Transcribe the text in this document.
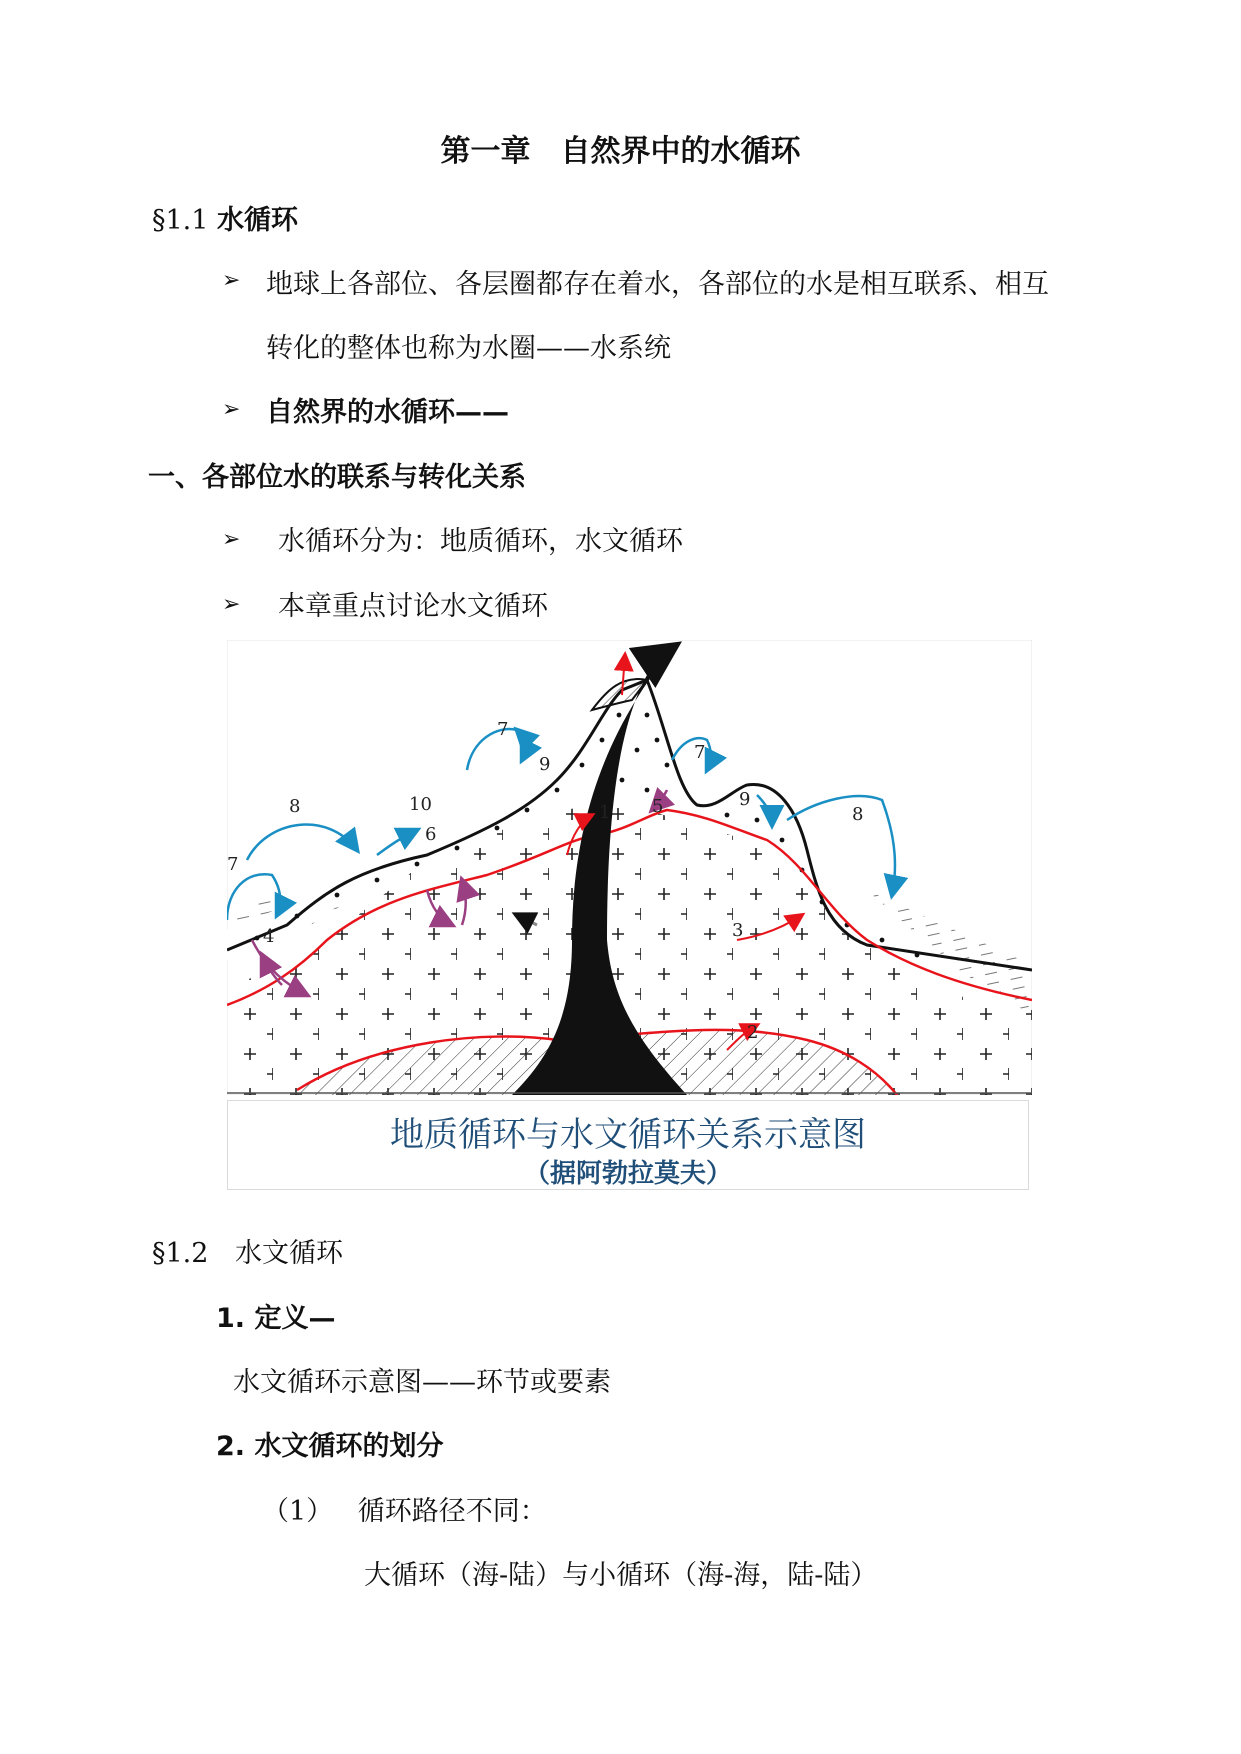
第一章　自然界中的水循环
§1.1 水循环
➢ 地球上各部位、各层圈都存在着水，各部位的水是相互联系、相互
转化的整体也称为水圈——水系统
➢ 自然界的水循环——
一、各部位水的联系与转化关系
➢ 水循环分为：地质循环，水文循环
➢ 本章重点讨论水文循环
1
2
3
4
5
6
7
7
7
8	8
9
9
10
地质循环与水文循环关系示意图
（据阿勃拉莫夫）
§1.2 水文循环
1. 定义—
水文循环示意图——环节或要素
2. 水文循环的划分
（1） 循环路径不同：
大循环（海-陆）与小循环（海-海，陆-陆）
